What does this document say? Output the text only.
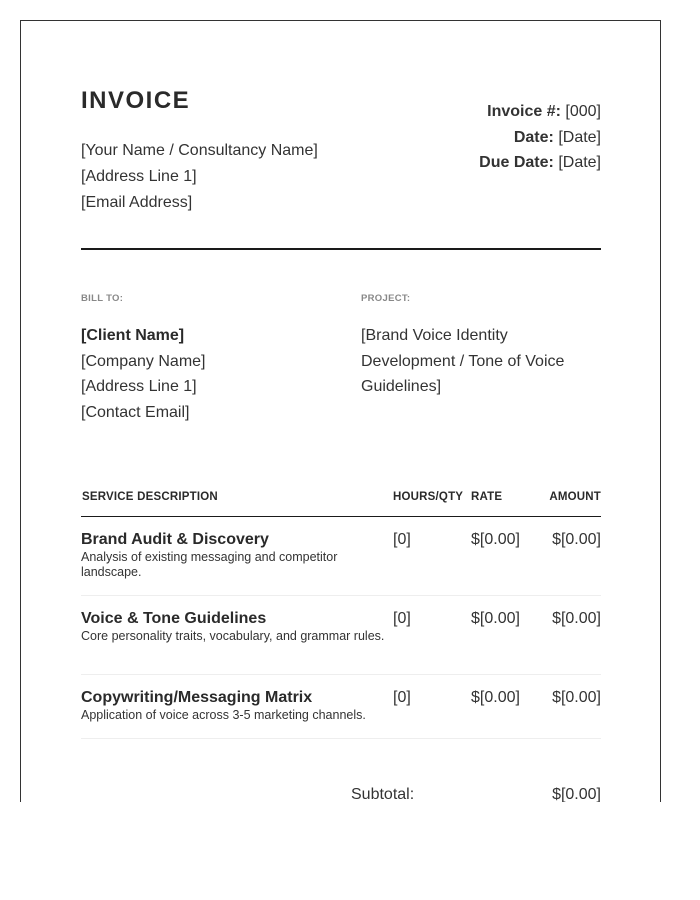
INVOICE
[Your Name / Consultancy Name]
[Address Line 1]
[Email Address]
Invoice #: [000]
Date: [Date]
Due Date: [Date]
BILL TO:	PROJECT:
[Client Name]
[Company Name]
[Address Line 1]
[Contact Email]
[Brand Voice Identity Development / Tone of Voice Guidelines]
SERVICE DESCRIPTION	HOURS/QTY RATE	AMOUNT
Brand Audit & Discovery
Analysis of existing messaging and competitor landscape.
[0]	$[0.00] $[0.00]
Voice & Tone Guidelines
Core personality traits, vocabulary, and grammar rules.
[0]	$[0.00] $[0.00]
Copywriting/Messaging Matrix
Application of voice across 3-5 marketing channels.
[0]	$[0.00] $[0.00]
Subtotal:	$[0.00]
